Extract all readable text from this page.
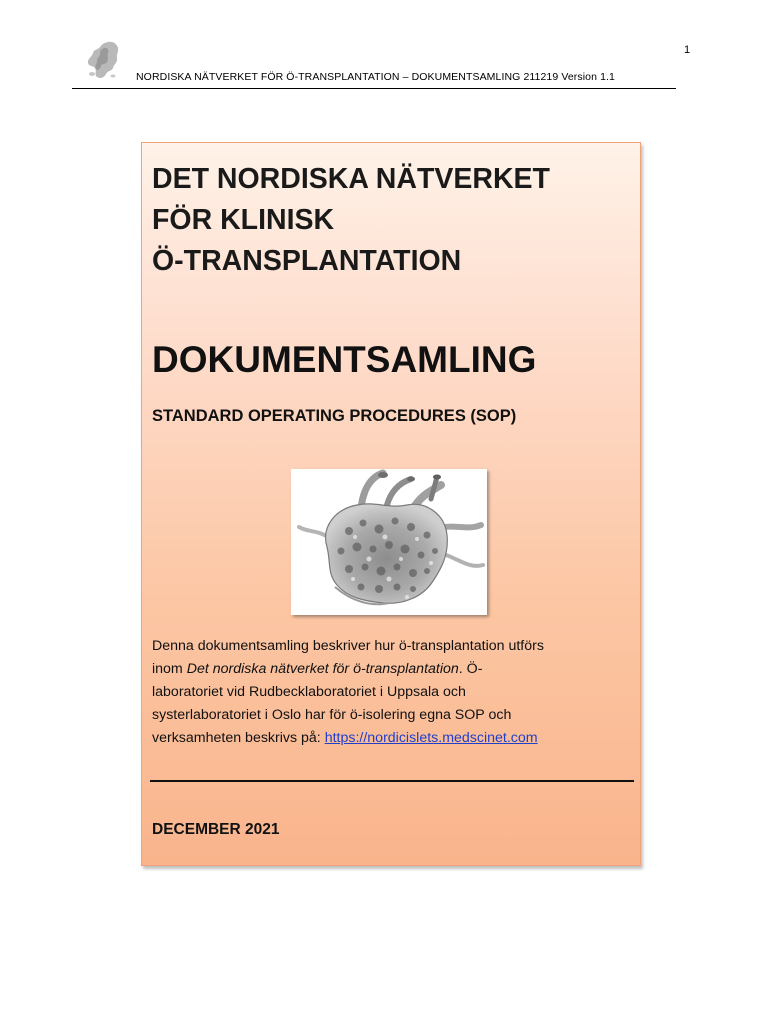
1
NORDISKA NÄTVERKET FÖR Ö-TRANSPLANTATION – DOKUMENTSAMLING 211219 Version 1.1
DET NORDISKA NÄTVERKET
FÖR KLINISK
Ö-TRANSPLANTATION
DOKUMENTSAMLING
STANDARD OPERATING PROCEDURES (SOP)

Denna dokumentsamling beskriver hur ö-transplantation utförs
inom Det nordiska nätverket för ö-transplantation. Ö-
laboratoriet vid Rudbecklaboratoriet i Uppsala och
systerlaboratoriet i Oslo har för ö-isolering egna SOP och
verksamheten beskrivs på: https://nordicislets.medscinet.com

DECEMBER 2021
